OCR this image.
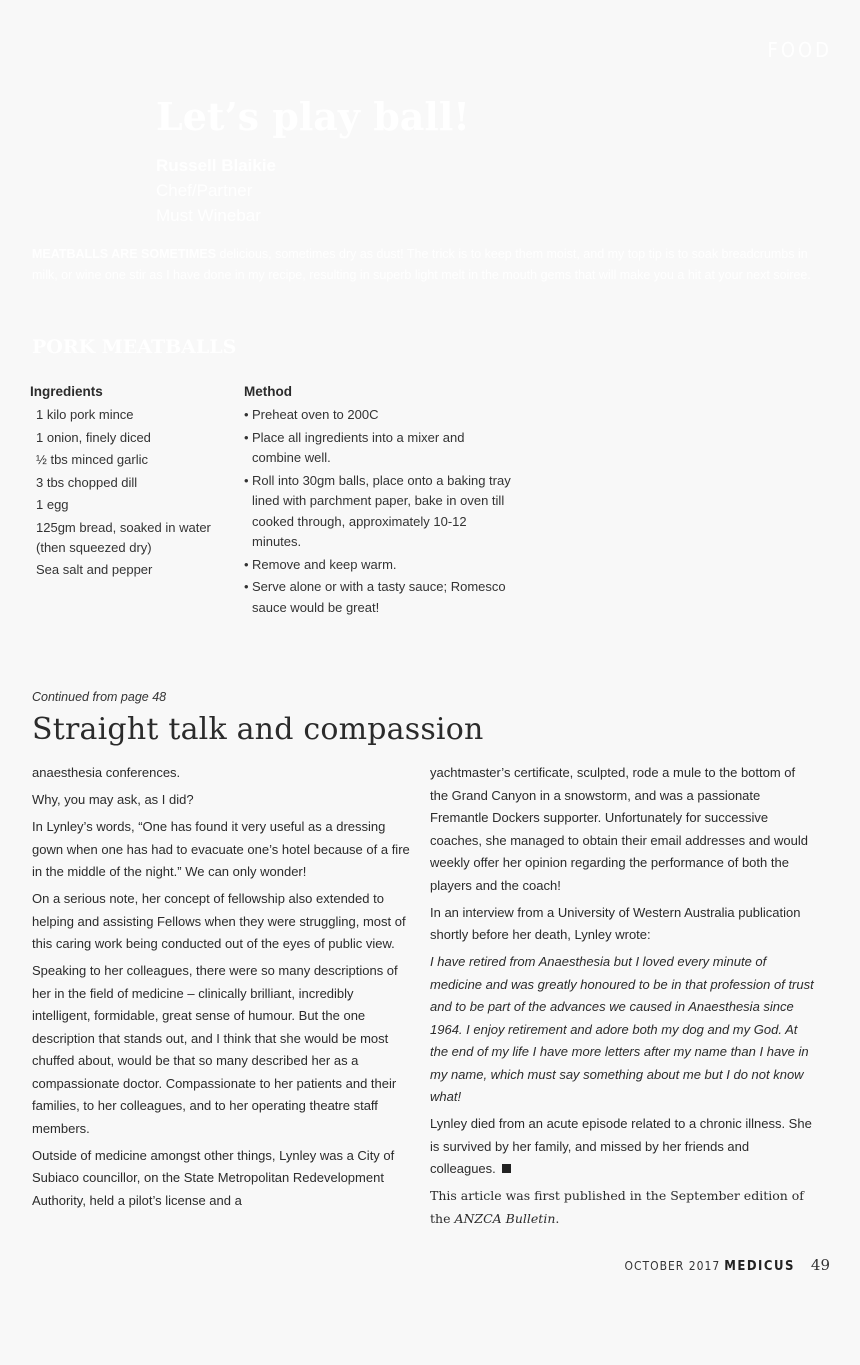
FOOD
Let’s play ball!
Russell Blaikie
Chef/Partner
Must Winebar

MEATBALLS ARE SOMETIMES delicious, sometimes dry as dust! The trick is to keep them moist, and my top tip is to soak breadcrumbs in milk, or wine one stir as I have done in my recipe, resulting in superb light melt in the mouth gems that will make you a hit at your next soiree.

PORK MEATBALLS
Ingredients
1 kilo pork mince
1 onion, finely diced
½ tbs minced garlic
3 tbs chopped dill
1 egg
125gm bread, soaked in water (then squeezed dry)
Sea salt and pepper
Method
• Preheat oven to 200C
• Place all ingredients into a mixer and combine well.
• Roll into 30gm balls, place onto a baking tray lined with parchment paper, bake in oven till cooked through, approximately 10-12 minutes.
• Remove and keep warm.
• Serve alone or with a tasty sauce; Romesco sauce would be great!

Continued from page 48

Straight talk and compassion

anaesthesia conferences.

Why, you may ask, as I did?

In Lynley’s words, “One has found it very useful as a dressing gown when one has had to evacuate one’s hotel because of a fire in the middle of the night.” We can only wonder!

On a serious note, her concept of fellowship also extended to helping and assisting Fellows when they were struggling, most of this caring work being conducted out of the eyes of public view.

Speaking to her colleagues, there were so many descriptions of her in the field of medicine – clinically brilliant, incredibly intelligent, formidable, great sense of humour. But the one description that stands out, and I think that she would be most chuffed about, would be that so many described her as a compassionate doctor. Compassionate to her patients and their families, to her colleagues, and to her operating theatre staff members.

Outside of medicine amongst other things, Lynley was a City of Subiaco councillor, on the State Metropolitan Redevelopment Authority, held a pilot’s license and a

yachtmaster’s certificate, sculpted, rode a mule to the bottom of the Grand Canyon in a snowstorm, and was a passionate Fremantle Dockers supporter. Unfortunately for successive coaches, she managed to obtain their email addresses and would weekly offer her opinion regarding the performance of both the players and the coach!

In an interview from a University of Western Australia publication shortly before her death, Lynley wrote:

I have retired from Anaesthesia but I loved every minute of medicine and was greatly honoured to be in that profession of trust and to be part of the advances we caused in Anaesthesia since 1964. I enjoy retirement and adore both my dog and my God. At the end of my life I have more letters after my name than I have in my name, which must say something about me but I do not know what!

Lynley died from an acute episode related to a chronic illness. She is survived by her family, and missed by her friends and colleagues.

This article was first published in the September edition of the ANZCA Bulletin.

OCTOBER 2017 MEDICUS 49
